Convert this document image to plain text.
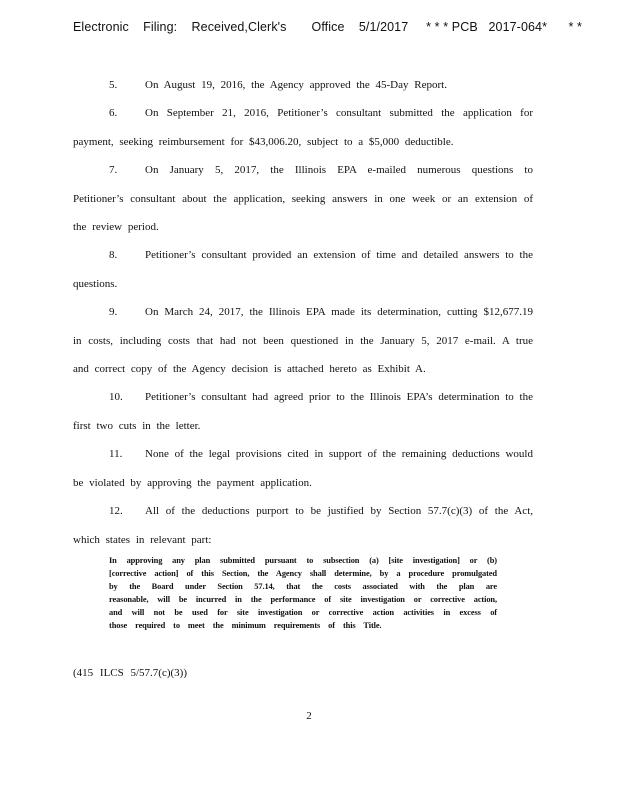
Electronic    Filing:    Received,Clerk's       Office    5/1/2017     * * * PCB   2017-064*      * *

5.	On August 19, 2016, the Agency approved the 45-Day Report.

6.	On September 21, 2016, Petitioner’s consultant submitted the application for payment, seeking reimbursement for $43,006.20, subject to a $5,000 deductible.

7.	On January 5, 2017, the Illinois EPA e-mailed numerous questions to Petitioner’s consultant about the application, seeking answers in one week or an extension of the review period.

8.	Petitioner’s consultant provided an extension of time and detailed answers to the questions.

9.	On March 24, 2017, the Illinois EPA made its determination, cutting $12,677.19 in costs, including costs that had not been questioned in the January 5, 2017 e-mail. A true and correct copy of the Agency decision is attached hereto as Exhibit A.

10. Petitioner’s consultant had agreed prior to the Illinois EPA’s determination to the first two cuts in the letter.

11. None of the legal provisions cited in support of the remaining deductions would be violated by approving the payment application.

12. All of the deductions purport to be justified by Section 57.7(c)(3) of the Act, which states in relevant part:

In approving any plan submitted pursuant to subsection (a) [site investigation] or (b) [corrective action] of this Section, the Agency shall determine, by a procedure promulgated by the Board under Section 57.14, that the costs associated with the plan are reasonable, will be incurred in the performance of site investigation or corrective action, and will not be used for site investigation or corrective action activities in excess of those required to meet the minimum requirements of this Title.
(415 ILCS 5/57.7(c)(3))
2
